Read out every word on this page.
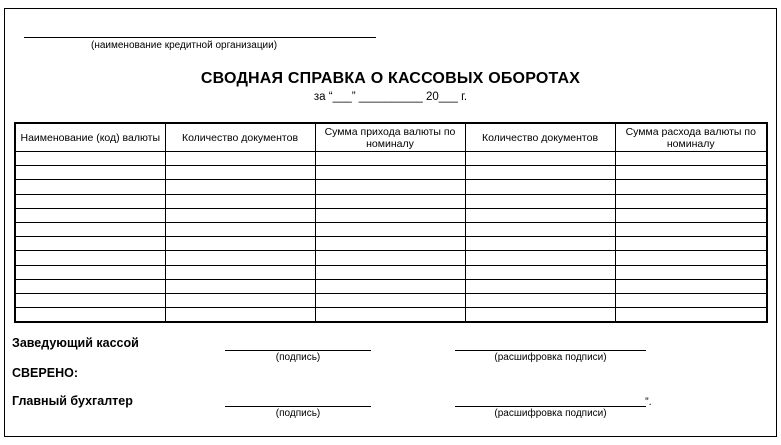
(наименование кредитной организации)
СВОДНАЯ СПРАВКА О КАССОВЫХ ОБОРОТАХ
за “___” __________ 20___ г.
Наименование (код) валюты	Количество документов	Сумма прихода валюты по номиналу	Количество документов	Сумма расхода валюты по номиналу

Заведующий кассой
(подпись)	(расшифровка подписи)
СВЕРЕНО:
Главный бухгалтер
(подпись)	(расшифровка подписи)
”.
